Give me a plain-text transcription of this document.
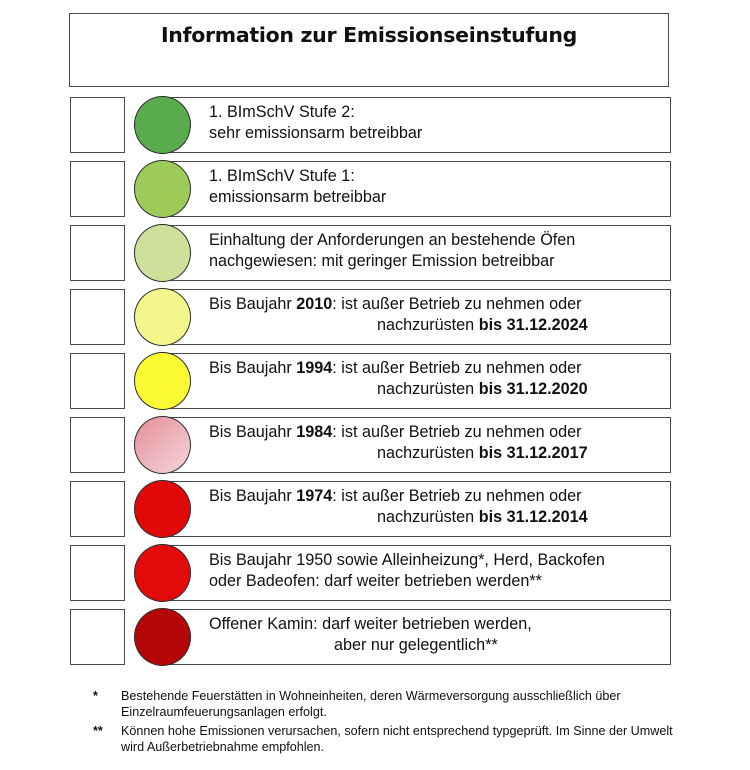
Information zur Emissionseinstufung
1. BImSchV Stufe 2:
sehr emissionsarm betreibbar
1. BImSchV Stufe 1:
emissionsarm betreibbar
Einhaltung der Anforderungen an bestehende Öfen
nachgewiesen: mit geringer Emission betreibbar
Bis Baujahr 2010: ist außer Betrieb zu nehmen oder
nachzurüsten bis 31.12.2024
Bis Baujahr 1994: ist außer Betrieb zu nehmen oder
nachzurüsten bis 31.12.2020
Bis Baujahr 1984: ist außer Betrieb zu nehmen oder
nachzurüsten bis 31.12.2017
Bis Baujahr 1974: ist außer Betrieb zu nehmen oder
nachzurüsten bis 31.12.2014
Bis Baujahr 1950 sowie Alleinheizung*, Herd, Backofen
oder Badeofen: darf weiter betrieben werden**
Offener Kamin: darf weiter betrieben werden,
aber nur gelegentlich**
* Bestehende Feuerstätten in Wohneinheiten, deren Wärmeversorgung ausschließlich über Einzelraumfeuerungsanlagen erfolgt.
** Können hohe Emissionen verursachen, sofern nicht entsprechend typgeprüft. Im Sinne der Umwelt wird Außerbetriebnahme empfohlen.
